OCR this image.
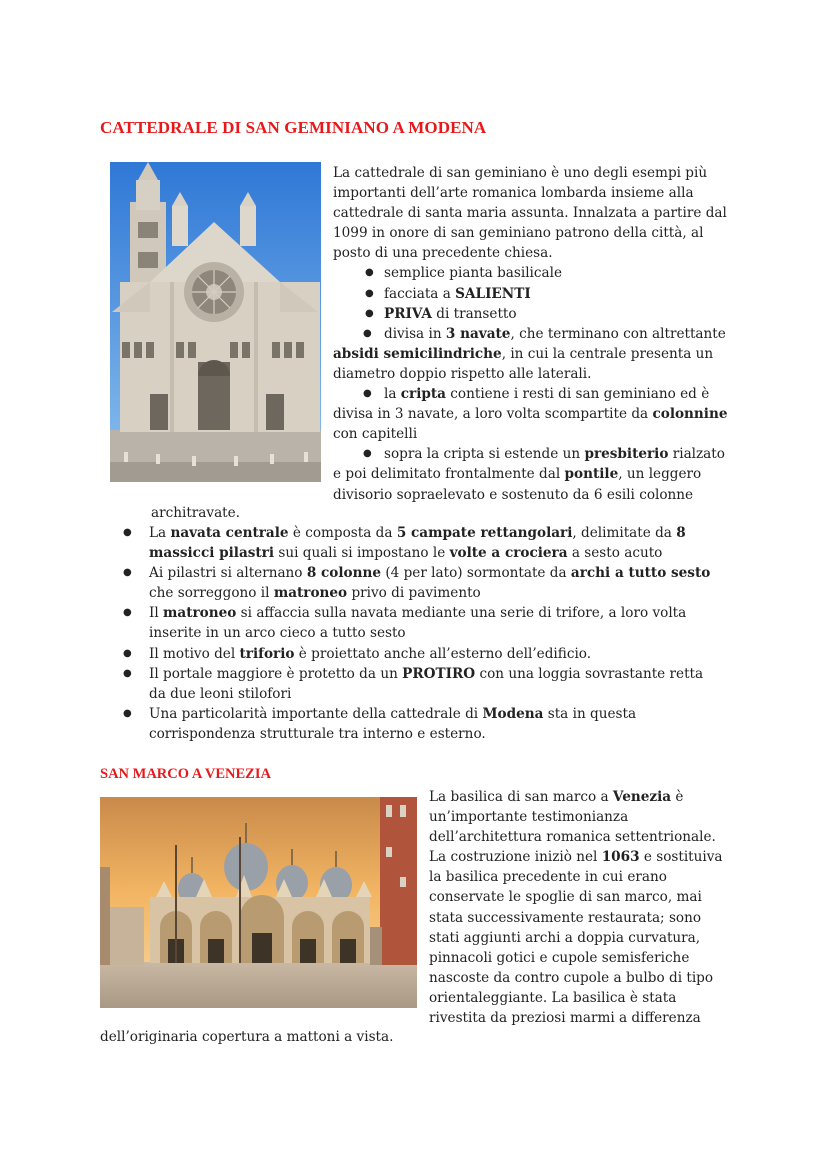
CATTEDRALE DI SAN GEMINIANO A MODENA

La cattedrale di san geminiano è uno degli esempi più importanti dell’arte romanica lombarda insieme alla cattedrale di santa maria assunta. Innalzata a partire dal 1099 in onore di san geminiano patrono della città, al posto di una precedente chiesa.

● semplice pianta basilicale

● facciata a SALIENTI

● PRIVA di transetto

● divisa in 3 navate, che terminano con altrettante absidi semicilindriche, in cui la centrale presenta un diametro doppio rispetto alle laterali.

● la cripta contiene i resti di san geminiano ed è divisa in 3 navate, a loro volta scompartite da colonnine con capitelli

● sopra la cripta si estende un presbiterio rialzato e poi delimitato frontalmente dal pontile, un leggero divisorio sopraelevato e sostenuto da 6 esili colonne

architravate.
● La navata centrale è composta da 5 campate rettangolari, delimitate da 8 massicci pilastri sui quali si impostano le volte a crociera a sesto acuto
● Ai pilastri si alternano 8 colonne (4 per lato) sormontate da archi a tutto sesto che sorreggono il matroneo privo di pavimento
● Il matroneo si affaccia sulla navata mediante una serie di trifore, a loro volta inserite in un arco cieco a tutto sesto
● Il motivo del triforio è proiettato anche all’esterno dell’edificio.
● Il portale maggiore è protetto da un PROTIRO con una loggia sovrastante retta da due leoni stilofori
● Una particolarità importante della cattedrale di Modena sta in questa corrispondenza strutturale tra interno e esterno.
SAN MARCO A VENEZIA

La basilica di san marco a Venezia è un’importante testimonianza dell’architettura romanica settentrionale. La costruzione iniziò nel 1063 e sostituiva la basilica precedente in cui erano conservate le spoglie di san marco, mai stata successivamente restaurata; sono stati aggiunti archi a doppia curvatura, pinnacoli gotici e cupole semisferiche nascoste da contro cupole a bulbo di tipo orientaleggiante. La basilica è stata rivestita da preziosi marmi a differenza

dell’originaria copertura a mattoni a vista.
